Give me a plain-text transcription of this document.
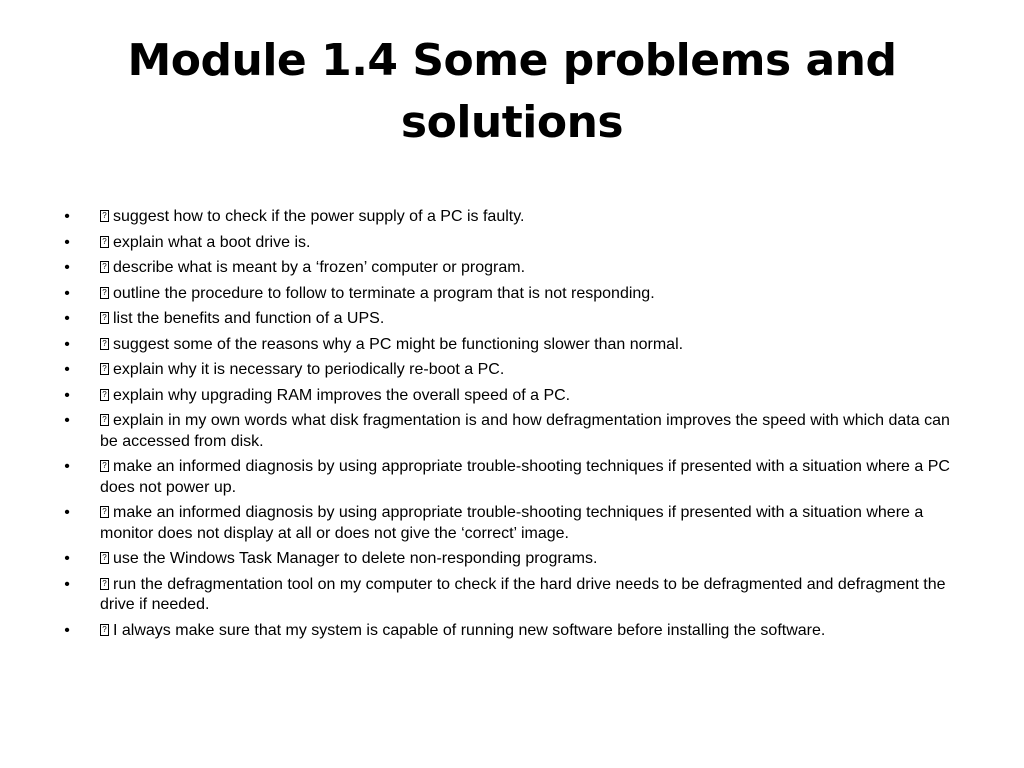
Module 1.4 Some problems and solutions
• ?	suggest how to check if the power supply of a PC is faulty.
• ?	explain what a boot drive is.
• ?	describe what is meant by a ‘frozen’ computer or program.
• ?	outline the procedure to follow to terminate a program that is not responding.
• ?	list the benefits and function of a UPS.
• ?	suggest some of the reasons why a PC might be functioning slower than normal.
• ?	explain why it is necessary to periodically re-boot a PC.
• ?	explain why upgrading RAM improves the overall speed of a PC.
• ?	explain in my own words what disk fragmentation is and how defragmentation improves the speed with which data can be accessed from disk.
• ?	make an informed diagnosis by using appropriate trouble-shooting techniques if presented with a situation where a PC does not power up.
• ?	make an informed diagnosis by using appropriate trouble-shooting techniques if presented with a situation where a monitor does not display at all or does not give the ‘correct’ image.
• ?	use the Windows Task Manager to delete non-responding programs.
• ?	run the defragmentation tool on my computer to check if the hard drive needs to be defragmented and defragment the drive if needed.
• ?	I always make sure that my system is capable of running new software before installing the software.
